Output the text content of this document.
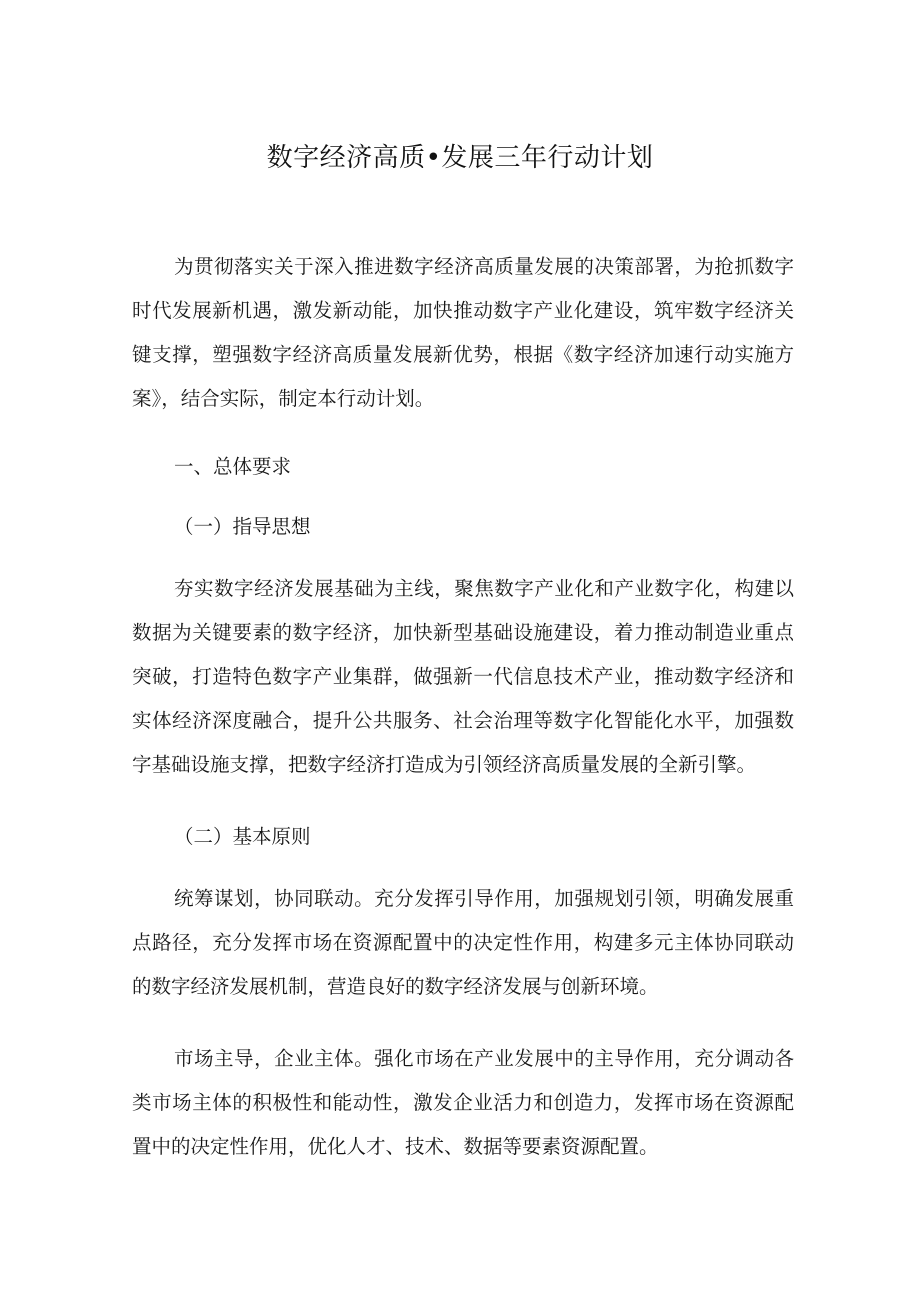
数字经济高质•发展三年行动计划

为贯彻落实关于深入推进数字经济高质量发展的决策部署，为抢抓数字时代发展新机遇，激发新动能，加快推动数字产业化建设，筑牢数字经济关键支撑，塑强数字经济高质量发展新优势，根据《数字经济加速行动实施方案》，结合实际，制定本行动计划。

一、总体要求
（一）指导思想

夯实数字经济发展基础为主线，聚焦数字产业化和产业数字化，构建以数据为关键要素的数字经济，加快新型基础设施建设，着力推动制造业重点突破，打造特色数字产业集群，做强新一代信息技术产业，推动数字经济和实体经济深度融合，提升公共服务、社会治理等数字化智能化水平，加强数字基础设施支撑，把数字经济打造成为引领经济高质量发展的全新引擎。

（二）基本原则

统筹谋划，协同联动。充分发挥引导作用，加强规划引领，明确发展重点路径，充分发挥市场在资源配置中的决定性作用，构建多元主体协同联动的数字经济发展机制，营造良好的数字经济发展与创新环境。

市场主导，企业主体。强化市场在产业发展中的主导作用，充分调动各类市场主体的积极性和能动性，激发企业活力和创造力，发挥市场在资源配置中的决定性作用，优化人才、技术、数据等要素资源配置。
